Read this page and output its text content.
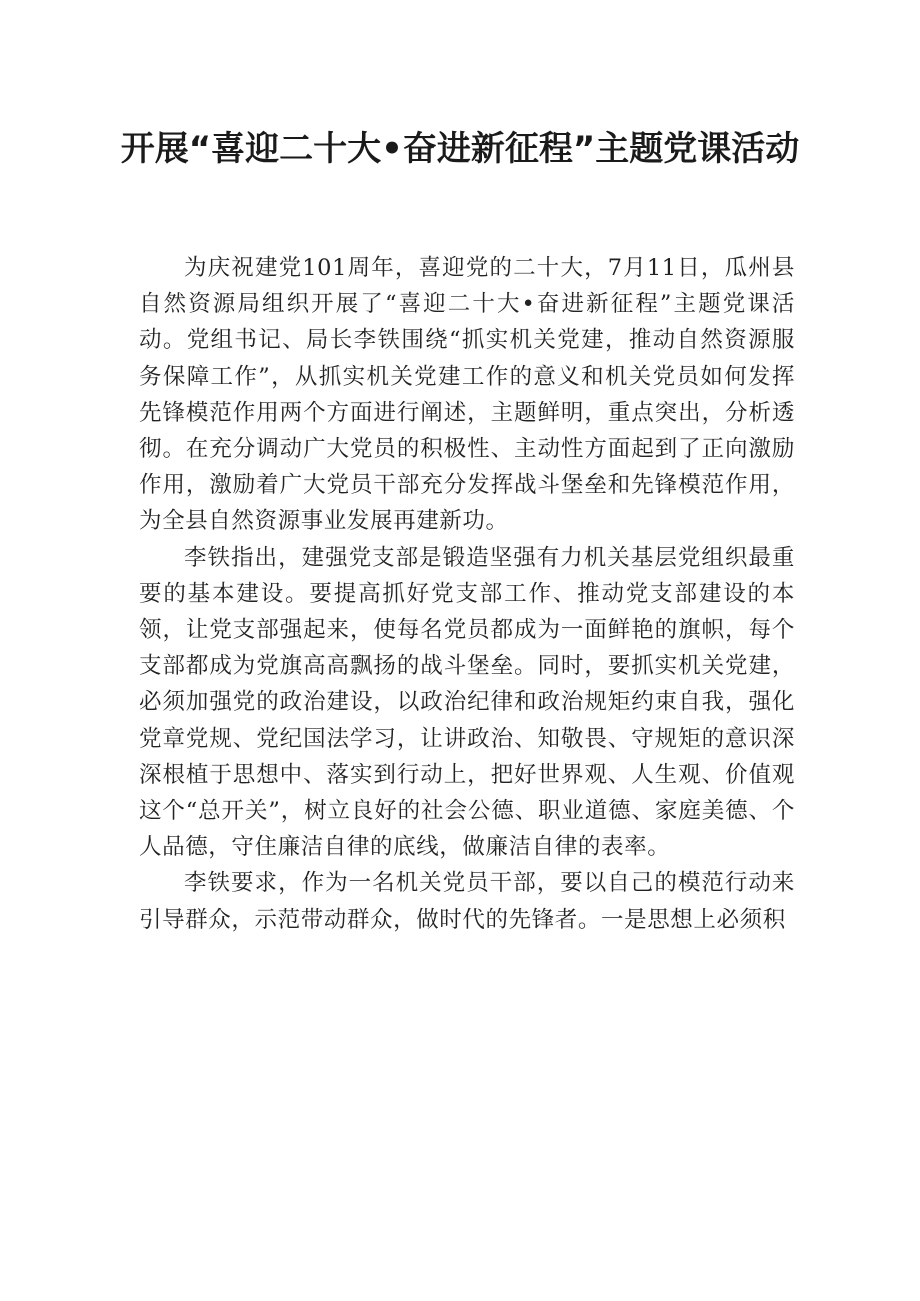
开展“喜迎二十大•奋进新征程”主题党课活动

为庆祝建党101周年，喜迎党的二十大，7月11日，瓜州县自然资源局组织开展了“喜迎二十大•奋进新征程”主题党课活动。党组书记、局长李铁围绕“抓实机关党建，推动自然资源服务保障工作”，从抓实机关党建工作的意义和机关党员如何发挥先锋模范作用两个方面进行阐述，主题鲜明，重点突出，分析透彻。在充分调动广大党员的积极性、主动性方面起到了正向激励作用，激励着广大党员干部充分发挥战斗堡垒和先锋模范作用，为全县自然资源事业发展再建新功。

李铁指出，建强党支部是锻造坚强有力机关基层党组织最重要的基本建设。要提高抓好党支部工作、推动党支部建设的本领，让党支部强起来，使每名党员都成为一面鲜艳的旗帜，每个支部都成为党旗高高飘扬的战斗堡垒。同时，要抓实机关党建，必须加强党的政治建设，以政治纪律和政治规矩约束自我，强化党章党规、党纪国法学习，让讲政治、知敬畏、守规矩的意识深深根植于思想中、落实到行动上，把好世界观、人生观、价值观这个“总开关”，树立良好的社会公德、职业道德、家庭美德、个人品德，守住廉洁自律的底线，做廉洁自律的表率。

李铁要求，作为一名机关党员干部，要以自己的模范行动来引导群众，示范带动群众，做时代的先锋者。一是思想上必须积
